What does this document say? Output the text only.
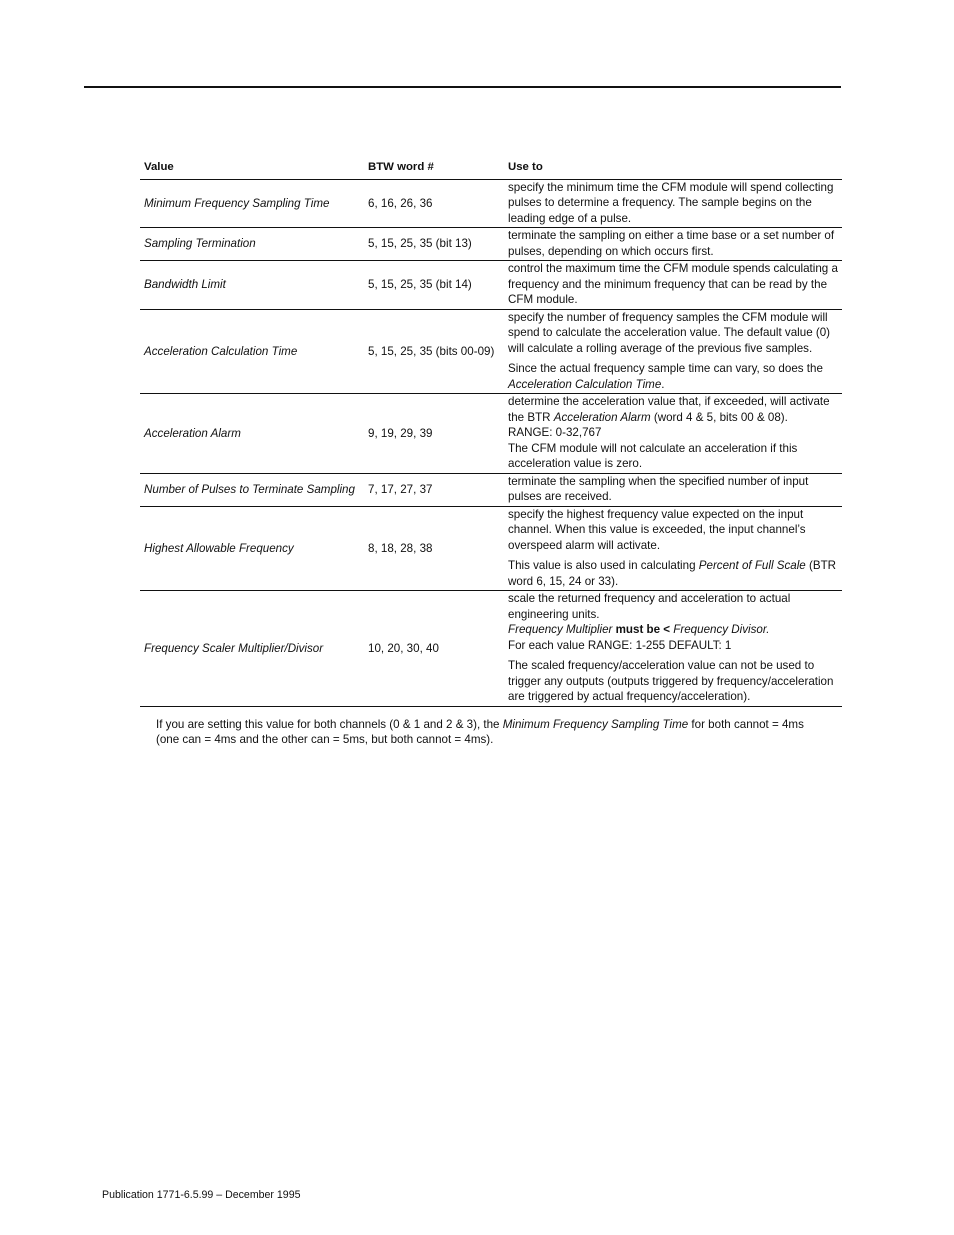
Value	BTW word #	Use to
Minimum Frequency Sampling Time	6, 16, 26, 36	specify the minimum time the CFM module will spend collecting pulses to determine a frequency. The sample begins on the leading edge of a pulse.

Sampling Termination	5, 15, 25, 35 (bit 13)	terminate the sampling on either a time base or a set number of pulses, depending on which occurs first.

Bandwidth Limit	5, 15, 25, 35 (bit 14)	control the maximum time the CFM module spends calculating a frequency and the minimum frequency that can be read by the CFM module.

Acceleration Calculation Time	5, 15, 25, 35 (bits 00-09)	specify the number of frequency samples the CFM module will spend to calculate the acceleration value. The default value (0) will calculate a rolling average of the previous five samples.

Since the actual frequency sample time can vary, so does the Acceleration Calculation Time.

Acceleration Alarm	9, 19, 29, 39	determine the acceleration value that, if exceeded, will activate the BTR Acceleration Alarm (word 4 & 5, bits 00 & 08).

RANGE: 0-32,767

The CFM module will not calculate an acceleration if this acceleration value is zero.

Number of Pulses to Terminate Sampling	7, 17, 27, 37	terminate the sampling when the specified number of input pulses are received.

Highest Allowable Frequency	8, 18, 28, 38	specify the highest frequency value expected on the input channel. When this value is exceeded, the input channel’s overspeed alarm will activate.

This value is also used in calculating Percent of Full Scale (BTR word 6, 15, 24 or 33).

Frequency Scaler Multiplier/Divisor	10, 20, 30, 40	scale the returned frequency and acceleration to actual engineering units.

Frequency Multiplier must be < Frequency Divisor.

For each value RANGE: 1-255 DEFAULT: 1

The scaled frequency/acceleration value can not be used to trigger any outputs (outputs triggered by frequency/acceleration are triggered by actual frequency/acceleration).

If you are setting this value for both channels (0 & 1 and 2 & 3), the Minimum Frequency Sampling Time for both cannot = 4ms

(one can = 4ms and the other can = 5ms, but both cannot = 4ms).

Publication 1771-6.5.99 – December 1995
